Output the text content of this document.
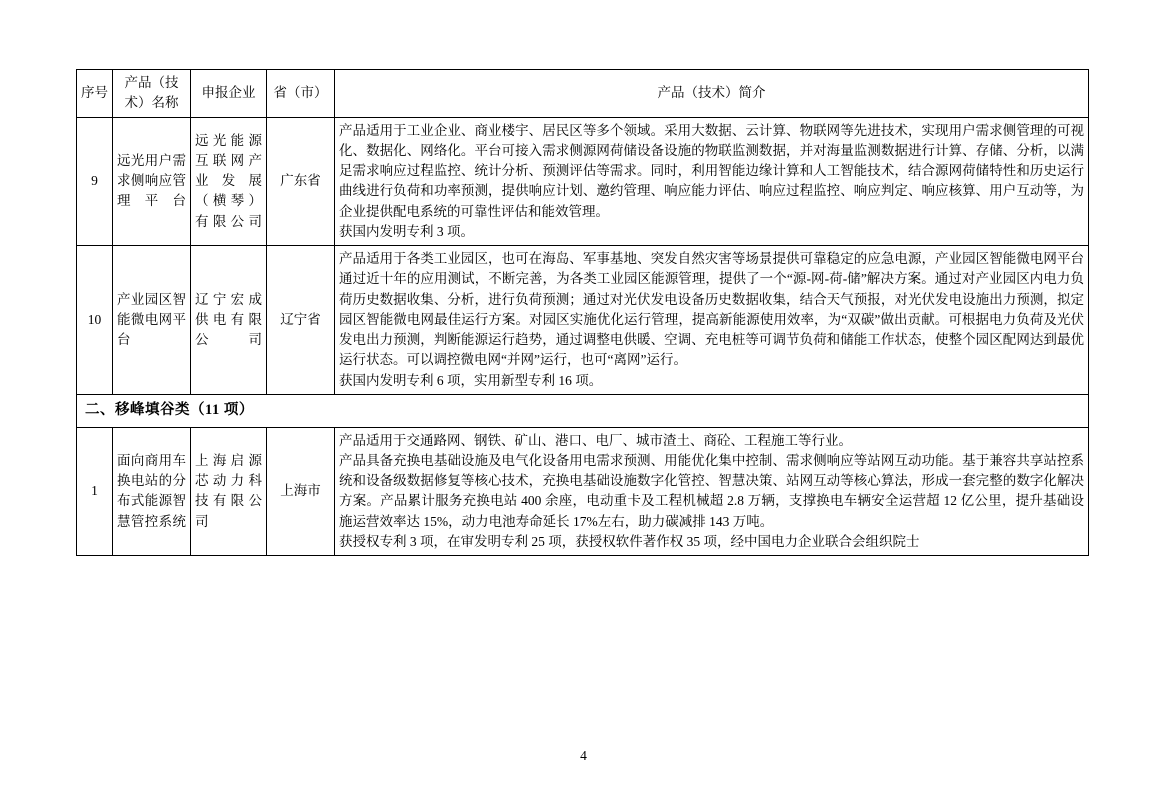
序号	产品（技术）名称	申报企业	省（市）	产品（技术）简介
9	远光用户需求侧响应管理平台	远光能源互联网产业发展（横琴）有限公司	广东省	产品适用于工业企业、商业楼宇、居民区等多个领域。采用大数据、云计算、物联网等先进技术，实现用户需求侧管理的可视化、数据化、网络化。平台可接入需求侧源网荷储设备设施的物联监测数据，并对海量监测数据进行计算、存储、分析，以满足需求响应过程监控、统计分析、预测评估等需求。同时，利用智能边缘计算和人工智能技术，结合源网荷储特性和历史运行曲线进行负荷和功率预测，提供响应计划、邀约管理、响应能力评估、响应过程监控、响应判定、响应核算、用户互动等，为企业提供配电系统的可靠性评估和能效管理。

获国内发明专利 3 项。

10	产业园区智能微电网平台	辽宁宏成供电有限公司	辽宁省	产品适用于各类工业园区，也可在海岛、军事基地、突发自然灾害等场景提供可靠稳定的应急电源，产业园区智能微电网平台通过近十年的应用测试，不断完善，为各类工业园区能源管理，提供了一个“源-网-荷-储”解决方案。通过对产业园区内电力负荷历史数据收集、分析，进行负荷预测；通过对光伏发电设备历史数据收集，结合天气预报，对光伏发电设施出力预测，拟定园区智能微电网最佳运行方案。对园区实施优化运行管理，提高新能源使用效率，为“双碳”做出贡献。可根据电力负荷及光伏发电出力预测，判断能源运行趋势，通过调整电供暖、空调、充电桩等可调节负荷和储能工作状态，使整个园区配网达到最优运行状态。可以调控微电网“并网”运行，也可“离网”运行。

获国内发明专利 6 项，实用新型专利 16 项。

二、移峰填谷类（11 项）				
1	面向商用车换电站的分布式能源智慧管控系统	上海启源芯动力科技有限公司	上海市	产品适用于交通路网、钢铁、矿山、港口、电厂、城市渣土、商砼、工程施工等行业。

产品具备充换电基础设施及电气化设备用电需求预测、用能优化集中控制、需求侧响应等站网互动功能。基于兼容共享站控系统和设备级数据修复等核心技术，充换电基础设施数字化管控、智慧决策、站网互动等核心算法，形成一套完整的数字化解决方案。产品累计服务充换电站 400 余座，电动重卡及工程机械超 2.8 万辆，支撑换电车辆安全运营超 12 亿公里，提升基础设施运营效率达 15%，动力电池寿命延长 17%左右，助力碳减排 143 万吨。

获授权专利 3 项，在审发明专利 25 项，获授权软件著作权 35 项，经中国电力企业联合会组织院士

4
